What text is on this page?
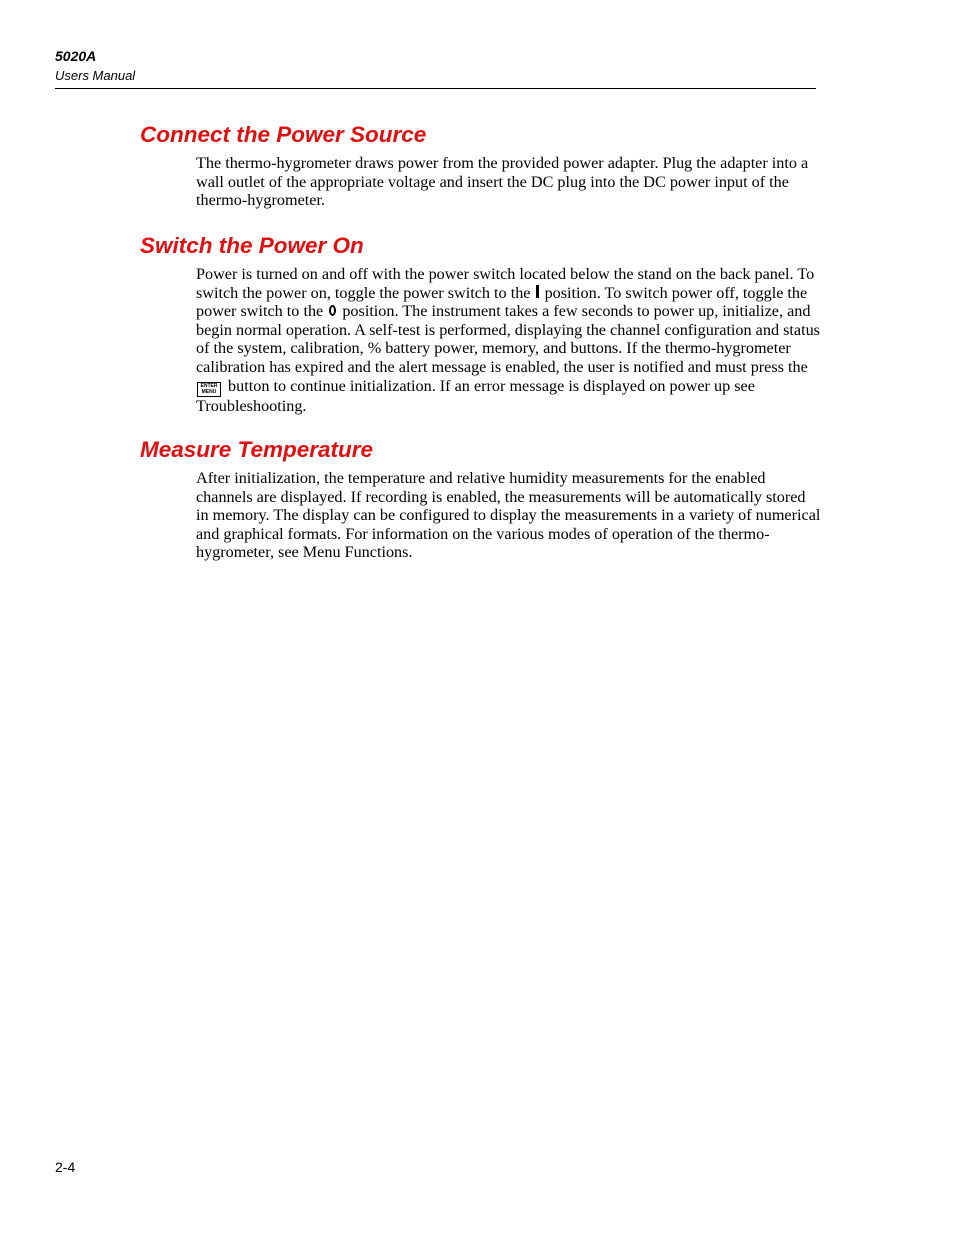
5020A

Users Manual

Connect the Power Source

The thermo-hygrometer draws power from the provided power adapter. Plug the adapter into a wall outlet of the appropriate voltage and insert the DC plug into the DC power input of the thermo-hygrometer.

Switch the Power On

Power is turned on and off with the power switch located below the stand on the back panel. To switch the power on, toggle the power switch to the position. To switch power off, toggle the power switch to the position. The instrument takes a few seconds to power up, initialize, and begin normal operation. A self-test is performed, displaying the channel configuration and status of the system, calibration, % battery power, memory, and buttons. If the thermo-hygrometer calibration has expired and the alert message is enabled, the user is notified and must press the
ENTER
MENU button to continue initialization. If an error message is displayed on power up see Troubleshooting.

Measure Temperature

After initialization, the temperature and relative humidity measurements for the enabled channels are displayed. If recording is enabled, the measurements will be automatically stored in memory. The display can be configured to display the measurements in a variety of numerical and graphical formats. For information on the various modes of operation of the thermo-hygrometer, see Menu Functions.

2-4
